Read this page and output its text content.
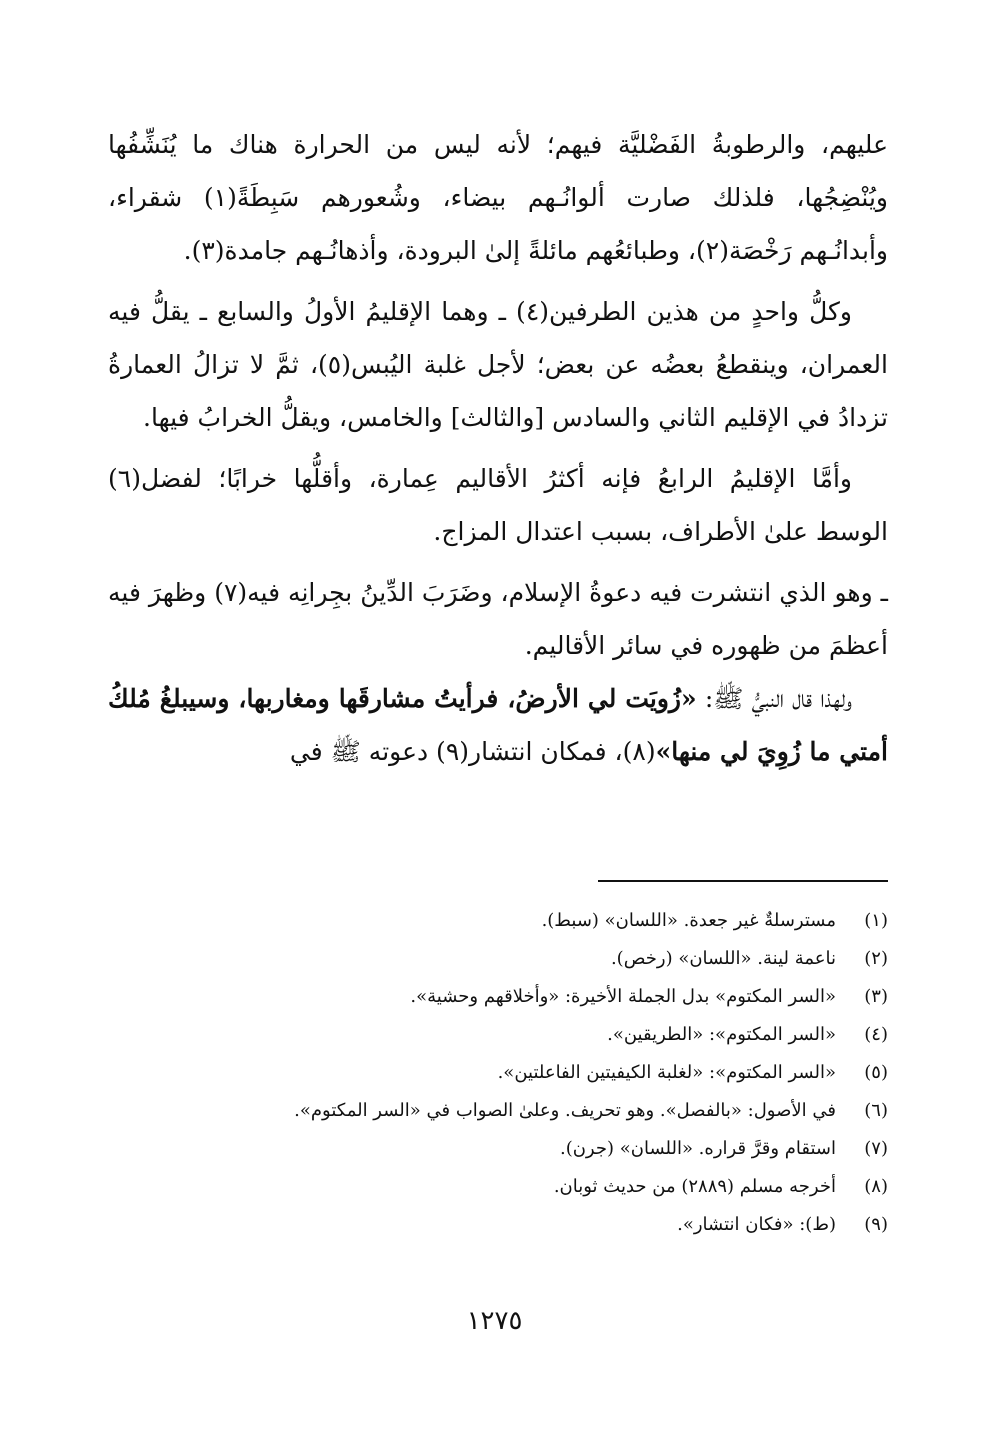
عليهم، والرطوبةُ الفَضْليَّة فيهم؛ لأنه ليس من الحرارة هناك ما يُنَشِّفُها ويُنْضِجُها، فلذلك صارت ألوانُـهم بيضاء، وشُعورهم سَبِطَةً(١) شقراء، وأبدانُـهم رَخْصَة(٢)، وطبائعُهم مائلةً إلىٰ البرودة، وأذهانُـهم جامدة(٣).

وكلُّ واحدٍ من هذين الطرفين(٤) ـ وهما الإقليمُ الأولُ والسابع ـ يقلُّ فيه العمران، وينقطعُ بعضُه عن بعض؛ لأجل غلبة اليُبس(٥)، ثمَّ لا تزالُ العمارةُ تزدادُ في الإقليم الثاني والسادس [والثالث] والخامس، ويقلُّ الخرابُ فيها.

وأمَّا الإقليمُ الرابعُ فإنه أكثرُ الأقاليم عِمارة، وأقلُّها خرابًا؛ لفضل(٦) الوسط علىٰ الأطراف، بسبب اعتدال المزاج.

ـ وهو الذي انتشرت فيه دعوةُ الإسلام، وضَرَبَ الدِّينُ بجِرانِه فيه(٧) وظهرَ فيه أعظمَ من ظهوره في سائر الأقاليم.

ولهذا قال النبيُّ ﷺ: «زُويَت لي الأرضُ، فرأيتُ مشارقَها ومغاربها، وسيبلغُ مُلكُ أمتي ما زُوِيَ لي منها»(٨)، فمكان انتشار(٩) دعوته ﷺ في

(١)
مسترسلةٌ غير جعدة. «اللسان» (سبط).
(٢)
ناعمة لينة. «اللسان» (رخص).
(٣)
«السر المكتوم» بدل الجملة الأخيرة: «وأخلاقهم وحشية».
(٤)
«السر المكتوم»: «الطريقين».
(٥)
«السر المكتوم»: «لغلبة الكيفيتين الفاعلتين».
(٦)
في الأصول: «بالفصل». وهو تحريف. وعلىٰ الصواب في «السر المكتوم».
(٧)
استقام وقرَّ قراره. «اللسان» (جرن).
(٨)
أخرجه مسلم (٢٨٨٩) من حديث ثوبان.
(٩)
(ط): «فكان انتشار».
١٢٧٥
